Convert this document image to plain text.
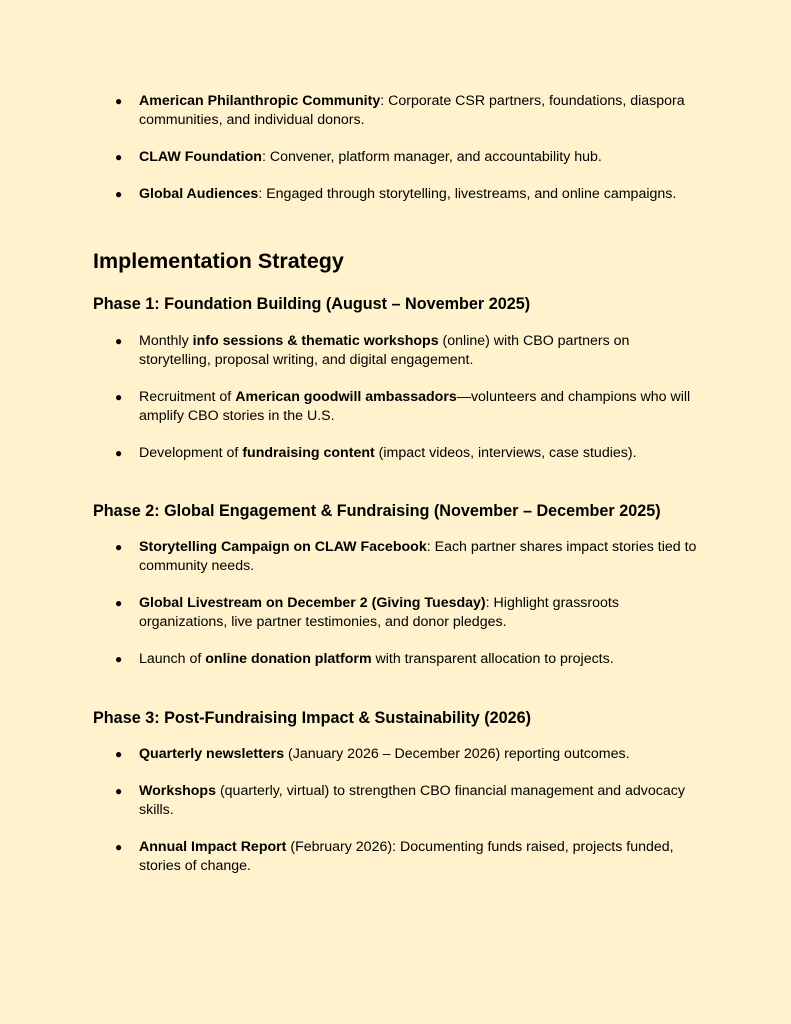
● American Philanthropic Community: Corporate CSR partners, foundations, diaspora communities, and individual donors.
● CLAW Foundation: Convener, platform manager, and accountability hub.
● Global Audiences: Engaged through storytelling, livestreams, and online campaigns.
Implementation Strategy
Phase 1: Foundation Building (August – November 2025)
● Monthly info sessions & thematic workshops (online) with CBO partners on storytelling, proposal writing, and digital engagement.
● Recruitment of American goodwill ambassadors—volunteers and champions who will amplify CBO stories in the U.S.
● Development of fundraising content (impact videos, interviews, case studies).
Phase 2: Global Engagement & Fundraising (November – December 2025)
● Storytelling Campaign on CLAW Facebook: Each partner shares impact stories tied to community needs.
● Global Livestream on December 2 (Giving Tuesday): Highlight grassroots organizations, live partner testimonies, and donor pledges.
● Launch of online donation platform with transparent allocation to projects.
Phase 3: Post-Fundraising Impact & Sustainability (2026)
● Quarterly newsletters (January 2026 – December 2026) reporting outcomes.
● Workshops (quarterly, virtual) to strengthen CBO financial management and advocacy skills.
● Annual Impact Report (February 2026): Documenting funds raised, projects funded, stories of change.
